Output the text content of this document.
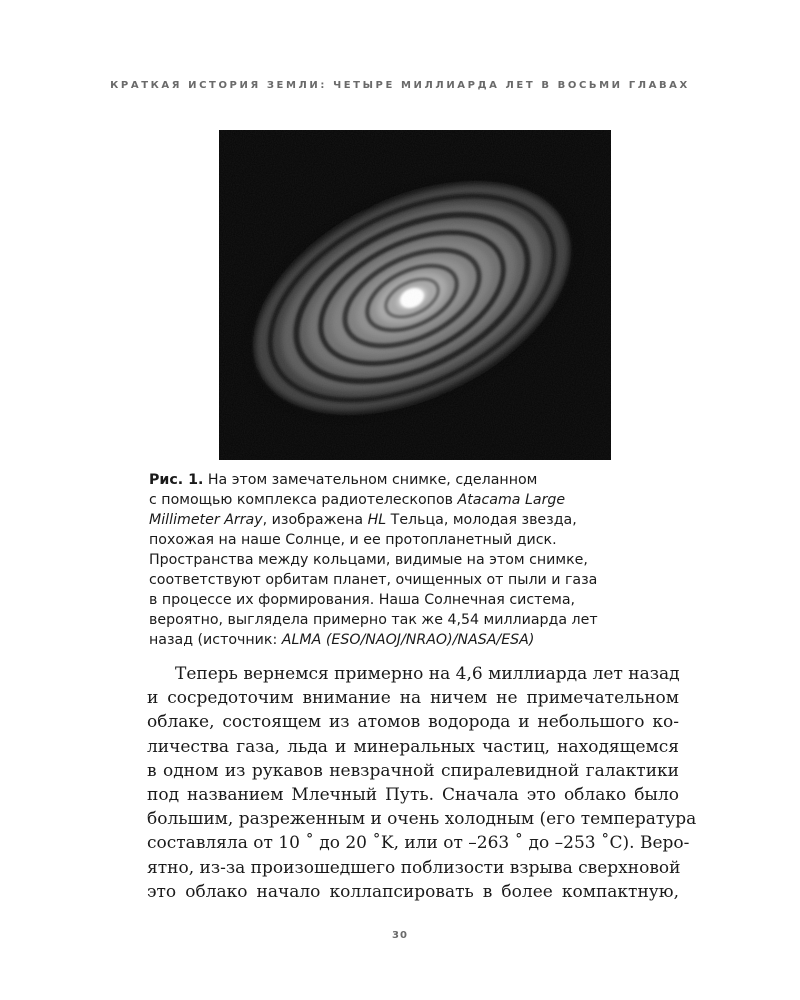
КРАТКАЯ ИСТОРИЯ ЗЕМЛИ: ЧЕТЫРЕ МИЛЛИАРДА ЛЕТ В ВОСЬМИ ГЛАВАХ
Рис. 1. На этом замечательном снимке, сделанном
с помощью комплекса радиотелескопов Atacama Large
Millimeter Array, изображена HL Тельца, молодая звезда,
похожая на наше Солнце, и ее протопланетный диск.
Пространства между кольцами, видимые на этом снимке,
соответствуют орбитам планет, очищенных от пыли и газа
в процессе их формирования. Наша Солнечная система,
вероятно, выглядела примерно так же 4,54 миллиарда лет
назад (источник: ALMA (ESO/NAOJ/NRAO)/NASA/ESA)
Теперь вернемся примерно на 4,6 миллиарда лет назад
и сосредоточим внимание на ничем не примечательном
облаке, состоящем из атомов водорода и небольшого ко-
личества газа, льда и минеральных частиц, находящемся
в одном из рукавов невзрачной спиралевидной галактики
под названием Млечный Путь. Сначала это облако было
большим, разреженным и очень холодным (его температура
составляла от 10 ˚ до 20 ˚K, или от –263 ˚ до –253 ˚C). Веро-
ятно, из-за произошедшего поблизости взрыва сверхновой
это облако начало коллапсировать в более компактную,
30
